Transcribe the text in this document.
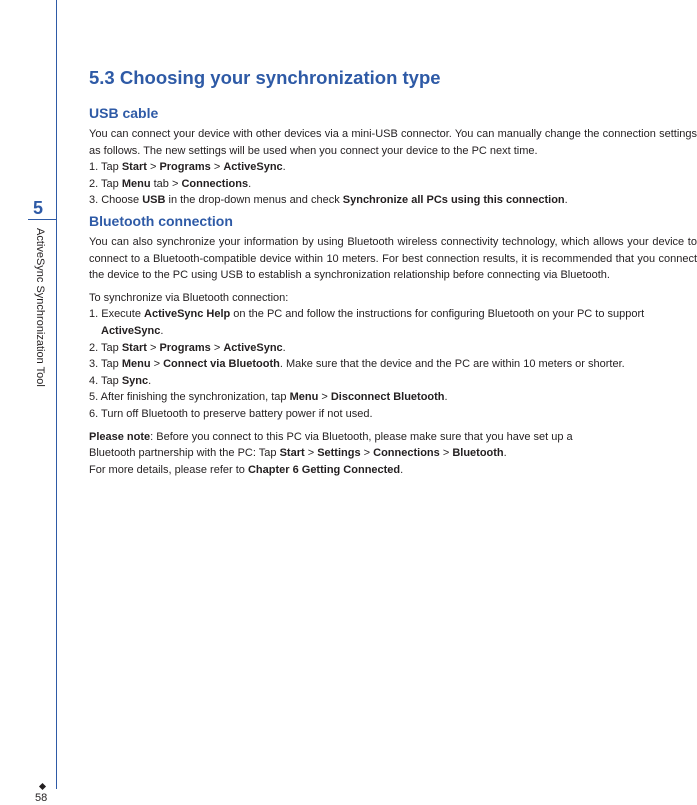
5
ActiveSync Synchronization Tool
58
5.3 Choosing your synchronization type
USB cable

You can connect your device with other devices via a mini-USB connector. You can manually change the connection settings as follows. The new settings will be used when you connect your device to the PC next time.

1. Tap Start > Programs > ActiveSync.
2. Tap Menu tab > Connections.
3. Choose USB in the drop-down menus and check Synchronize all PCs using this connection.
Bluetooth connection

You can also synchronize your information by using Bluetooth wireless connectivity technology, which allows your device to connect to a Bluetooth-compatible device within 10 meters. For best connection results, it is recommended that you connect the device to the PC using USB to establish a synchronization relationship before connecting via Bluetooth.

To synchronize via Bluetooth connection:

1. Execute ActiveSync Help on the PC and follow the instructions for configuring Bluetooth on your PC to support
ActiveSync.

2. Tap Start > Programs > ActiveSync.
3. Tap Menu > Connect via Bluetooth. Make sure that the device and the PC are within 10 meters or shorter.
4. Tap Sync.
5. After finishing the synchronization, tap Menu > Disconnect Bluetooth.
6. Turn off Bluetooth to preserve battery power if not used.
Please note: Before you connect to this PC via Bluetooth, please make sure that you have set up a
Bluetooth partnership with the PC: Tap Start > Settings > Connections > Bluetooth.
For more details, please refer to Chapter 6 Getting Connected.
